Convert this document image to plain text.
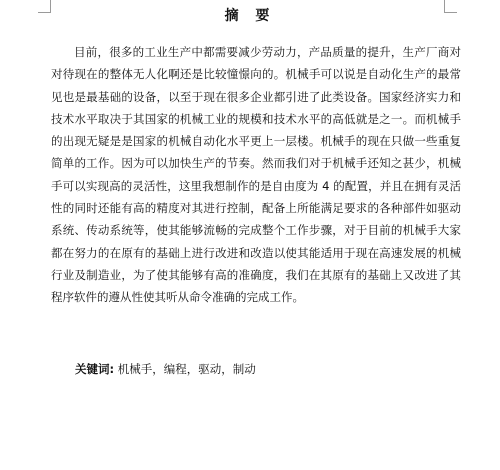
摘 要

目前，很多的工业生产中都需要减少劳动力，产品质量的提升，生产厂商对对待现在的整体无人化啊还是比较憧憬向的。机械手可以说是自动化生产的最常见也是最基础的设备，以至于现在很多企业都引进了此类设备。国家经济实力和技术水平取决于其国家的机械工业的规模和技术水平的高低就是之一。而机械手的出现无疑是是国家的机械自动化水平更上一层楼。机械手的现在只做一些重复简单的工作。因为可以加快生产的节奏。然而我们对于机械手还知之甚少，机械手可以实现高的灵活性，这里我想制作的是自由度为 4 的配置，并且在拥有灵活性的同时还能有高的精度对其进行控制，配备上所能满足要求的各种部件如驱动系统、传动系统等，使其能够流畅的完成整个工作步骤，对于目前的机械手大家都在努力的在原有的基础上进行改进和改造以使其能适用于现在高速发展的机械行业及制造业，为了使其能够有高的准确度，我们在其原有的基础上又改进了其程序软件的遵从性使其听从命令准确的完成工作。

关键词: 机械手，编程，驱动，制动
